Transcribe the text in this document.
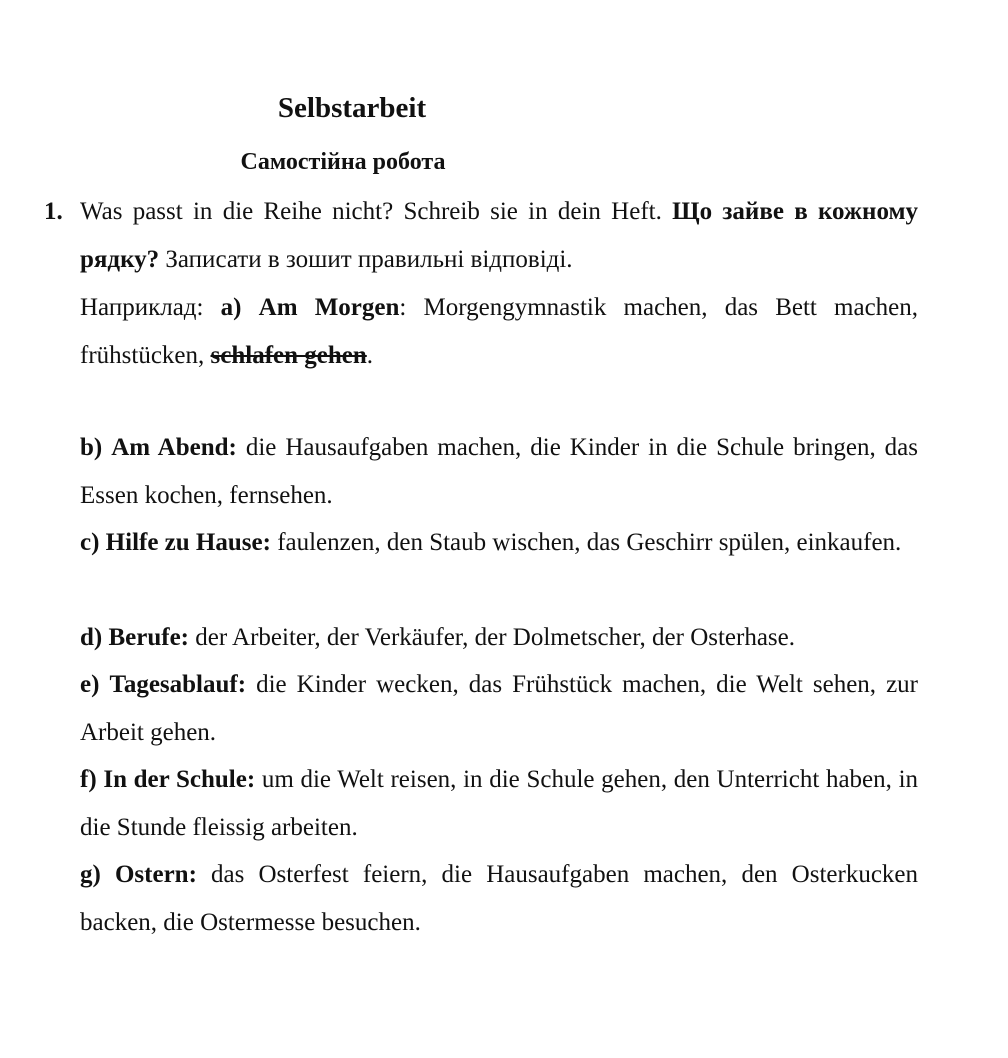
Selbstarbeit
Самостійна робота
1. Was passt in die Reihe nicht? Schreib sie in dein Heft. Що зайве в кожному рядку? Записати в зошит правильні відповіді.
Наприклад: а) Am Morgen: Morgengymnastik machen, das Bett machen, frühstücken, schlafen gehen.
b) Am Abend: die Hausaufgaben machen, die Kinder in die Schule bringen, das Essen kochen, fernsehen.
c) Hilfe zu Hause: faulenzen, den Staub wischen, das Geschirr spülen, einkaufen.
d) Berufe: der Arbeiter, der Verkäufer, der Dolmetscher, der Osterhase.
e) Tagesablauf: die Kinder wecken, das Frühstück machen, die Welt sehen, zur Arbeit gehen.
f) In der Schule: um die Welt reisen, in die Schule gehen, den Unterricht haben, in die Stunde fleissig arbeiten.
g) Ostern: das Osterfest feiern, die Hausaufgaben machen, den Osterkucken backen, die Ostermesse besuchen.
